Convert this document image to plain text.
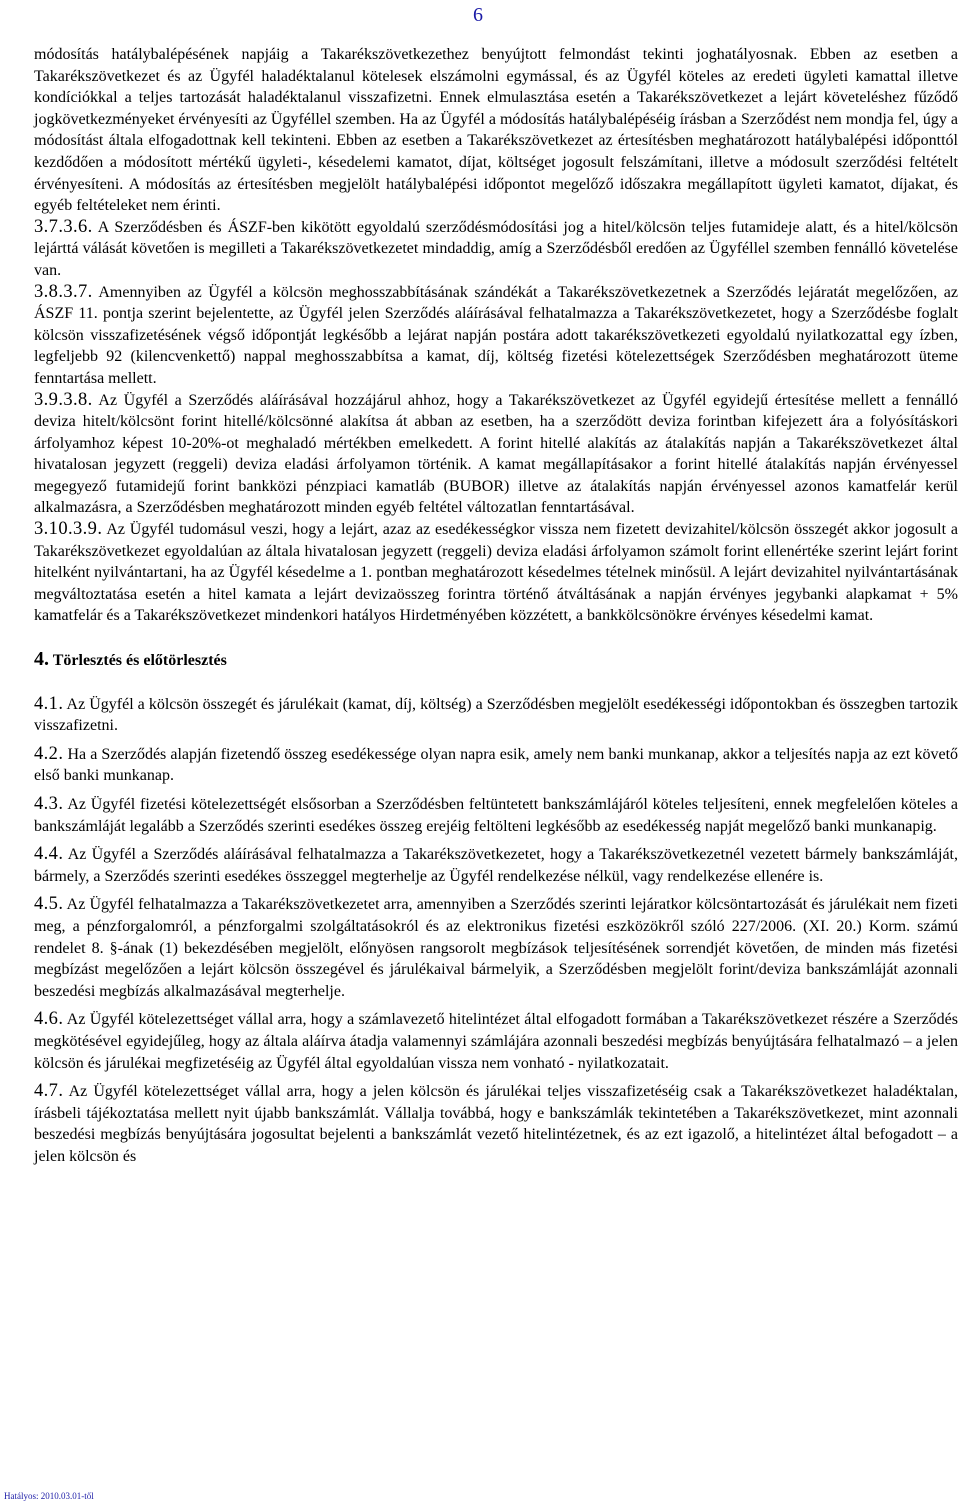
6

módosítás hatálybalépésének napjáig a Takarékszövetkezethez benyújtott felmondást tekinti joghatályosnak. Ebben az esetben a Takarékszövetkezet és az Ügyfél haladéktalanul kötelesek elszámolni egymással, és az Ügyfél köteles az eredeti ügyleti kamattal illetve kondíciókkal a teljes tartozását haladéktalanul visszafizetni. Ennek elmulasztása esetén a Takarékszövetkezet a lejárt követeléshez fűződő jogkövetkezményeket érvényesíti az Ügyféllel szemben. Ha az Ügyfél a módosítás hatálybalépéséig írásban a Szerződést nem mondja fel, úgy a módosítást általa elfogadottnak kell tekinteni. Ebben az esetben a Takarékszövetkezet az értesítésben meghatározott hatálybalépési időponttól kezdődően a módosított mértékű ügyleti-, késedelemi kamatot, díjat, költséget jogosult felszámítani, illetve a módosult szerződési feltételt érvényesíteni. A módosítás az értesítésben megjelölt hatálybalépési időpontot megelőző időszakra megállapított ügyleti kamatot, díjakat, és egyéb feltételeket nem érinti.

3.7.3.6. A Szerződésben és ÁSZF-ben kikötött egyoldalú szerződésmódosítási jog a hitel/kölcsön teljes futamideje alatt, és a hitel/kölcsön lejárttá válását követően is megilleti a Takarékszövetkezetet mindaddig, amíg a Szerződésből eredően az Ügyféllel szemben fennálló követelése van.

3.8.3.7. Amennyiben az Ügyfél a kölcsön meghosszabbításának szándékát a Takarékszövetkezetnek a Szerződés lejáratát megelőzően, az ÁSZF 11. pontja szerint bejelentette, az Ügyfél jelen Szerződés aláírásával felhatalmazza a Takarékszövetkezetet, hogy a Szerződésbe foglalt kölcsön visszafizetésének végső időpontját legkésőbb a lejárat napján postára adott takarékszövetkezeti egyoldalú nyilatkozattal egy ízben, legfeljebb 92 (kilencvenkettő) nappal meghosszabbítsa a kamat, díj, költség fizetési kötelezettségek Szerződésben meghatározott üteme fenntartása mellett.

3.9.3.8. Az Ügyfél a Szerződés aláírásával hozzájárul ahhoz, hogy a Takarékszövetkezet az Ügyfél egyidejű értesítése mellett a fennálló deviza hitelt/kölcsönt forint hitellé/kölcsönné alakítsa át abban az esetben, ha a szerződött deviza forintban kifejezett ára a folyósításkori árfolyamhoz képest 10-20%-ot meghaladó mértékben emelkedett. A forint hitellé alakítás az átalakítás napján a Takarékszövetkezet által hivatalosan jegyzett (reggeli) deviza eladási árfolyamon történik. A kamat megállapításakor a forint hitellé átalakítás napján érvényessel megegyező futamidejű forint bankközi pénzpiaci kamatláb (BUBOR) illetve az átalakítás napján érvényessel azonos kamatfelár kerül alkalmazásra, a Szerződésben meghatározott minden egyéb feltétel változatlan fenntartásával.

3.10.3.9. Az Ügyfél tudomásul veszi, hogy a lejárt, azaz az esedékességkor vissza nem fizetett devizahitel/kölcsön összegét akkor jogosult a Takarékszövetkezet egyoldalúan az általa hivatalosan jegyzett (reggeli) deviza eladási árfolyamon számolt forint ellenértéke szerint lejárt forint hitelként nyilvántartani, ha az Ügyfél késedelme a 1. pontban meghatározott késedelmes tételnek minősül. A lejárt devizahitel nyilvántartásának megváltoztatása esetén a hitel kamata a lejárt devizaösszeg forintra történő átváltásának a napján érvényes jegybanki alapkamat + 5% kamatfelár és a Takarékszövetkezet mindenkori hatályos Hirdetményében közzétett, a bankkölcsönökre érvényes késedelmi kamat.

4. Törlesztés és előtörlesztés

4.1. Az Ügyfél a kölcsön összegét és járulékait (kamat, díj, költség) a Szerződésben megjelölt esedékességi időpontokban és összegben tartozik visszafizetni.

4.2. Ha a Szerződés alapján fizetendő összeg esedékessége olyan napra esik, amely nem banki munkanap, akkor a teljesítés napja az ezt követő első banki munkanap.

4.3. Az Ügyfél fizetési kötelezettségét elsősorban a Szerződésben feltüntetett bankszámlájáról köteles teljesíteni, ennek megfelelően köteles a bankszámláját legalább a Szerződés szerinti esedékes összeg erejéig feltölteni legkésőbb az esedékesség napját megelőző banki munkanapig.

4.4. Az Ügyfél a Szerződés aláírásával felhatalmazza a Takarékszövetkezetet, hogy a Takarékszövetkezetnél vezetett bármely bankszámláját, bármely, a Szerződés szerinti esedékes összeggel megterhelje az Ügyfél rendelkezése nélkül, vagy rendelkezése ellenére is.

4.5. Az Ügyfél felhatalmazza a Takarékszövetkezetet arra, amennyiben a Szerződés szerinti lejáratkor kölcsöntartozását és járulékait nem fizeti meg, a pénzforgalomról, a pénzforgalmi szolgáltatásokról és az elektronikus fizetési eszközökről szóló 227/2006. (XI. 20.) Korm. számú rendelet 8. §-ának (1) bekezdésében megjelölt, előnyösen rangsorolt megbízások teljesítésének sorrendjét követően, de minden más fizetési megbízást megelőzően a lejárt kölcsön összegével és járulékaival bármelyik, a Szerződésben megjelölt forint/deviza bankszámláját azonnali beszedési megbízás alkalmazásával megterhelje.

4.6. Az Ügyfél kötelezettséget vállal arra, hogy a számlavezető hitelintézet által elfogadott formában a Takarékszövetkezet részére a Szerződés megkötésével egyidejűleg, hogy az általa aláírva átadja valamennyi számlájára azonnali beszedési megbízás benyújtására felhatalmazó – a jelen kölcsön és járulékai megfizetéséig az Ügyfél által egyoldalúan vissza nem vonható - nyilatkozatait.

4.7. Az Ügyfél kötelezettséget vállal arra, hogy a jelen kölcsön és járulékai teljes visszafizetéséig csak a Takarékszövetkezet haladéktalan, írásbeli tájékoztatása mellett nyit újabb bankszámlát. Vállalja továbbá, hogy e bankszámlák tekintetében a Takarékszövetkezet, mint azonnali beszedési megbízás benyújtására jogosultat bejelenti a bankszámlát vezető hitelintézetnek, és az ezt igazolő, a hitelintézet által befogadott – a jelen kölcsön és

Hatályos: 2010.03.01-től
